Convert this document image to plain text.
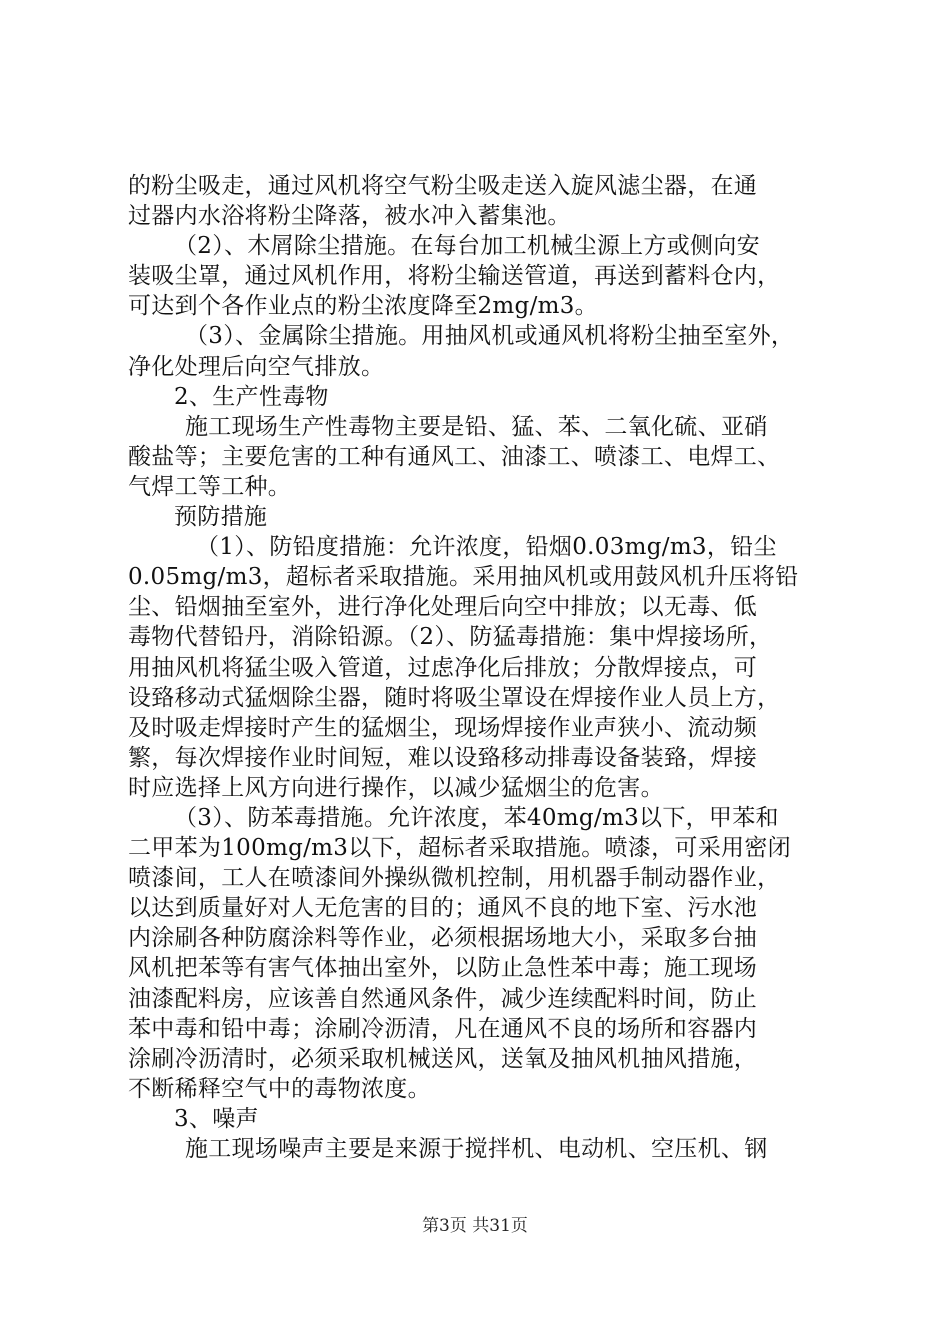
的粉尘吸走，通过风机将空气粉尘吸走送入旋风滤尘器，在通
过器内水浴将粉尘降落，被水冲入蓄集池。
（2）、木屑除尘措施。在每台加工机械尘源上方或侧向安
装吸尘罩，通过风机作用，将粉尘输送管道，再送到蓄料仓内，
可达到个各作业点的粉尘浓度降至2mg/m3。
（3）、金属除尘措施。用抽风机或通风机将粉尘抽至室外，
净化处理后向空气排放。
2、生产性毒物
施工现场生产性毒物主要是铅、猛、苯、二氧化硫、亚硝
酸盐等；主要危害的工种有通风工、油漆工、喷漆工、电焊工、
气焊工等工种。
预防措施
（1）、防铅度措施：允许浓度，铅烟0.03mg/m3，铅尘
0.05mg/m3，超标者采取措施。采用抽风机或用鼓风机升压将铅
尘、铅烟抽至室外，进行净化处理后向空中排放；以无毒、低
毒物代替铅丹，消除铅源。（2）、防猛毒措施：集中焊接场所，
用抽风机将猛尘吸入管道，过虑净化后排放；分散焊接点，可
设臵移动式猛烟除尘器，随时将吸尘罩设在焊接作业人员上方，
及时吸走焊接时产生的猛烟尘，现场焊接作业声狭小、流动频
繁，每次焊接作业时间短，难以设臵移动排毒设备装臵，焊接
时应选择上风方向进行操作，以减少猛烟尘的危害。
（3）、防苯毒措施。允许浓度，苯40mg/m3以下，甲苯和
二甲苯为100mg/m3以下，超标者采取措施。喷漆，可采用密闭
喷漆间，工人在喷漆间外操纵微机控制，用机器手制动器作业，
以达到质量好对人无危害的目的；通风不良的地下室、污水池
内涂刷各种防腐涂料等作业，必须根据场地大小，采取多台抽
风机把苯等有害气体抽出室外，以防止急性苯中毒；施工现场
油漆配料房，应该善自然通风条件，减少连续配料时间，防止
苯中毒和铅中毒；涂刷冷沥清，凡在通风不良的场所和容器内
涂刷冷沥清时，必须采取机械送风，送氧及抽风机抽风措施，
不断稀释空气中的毒物浓度。
3、噪声
施工现场噪声主要是来源于搅拌机、电动机、空压机、钢
第3页 共31页
